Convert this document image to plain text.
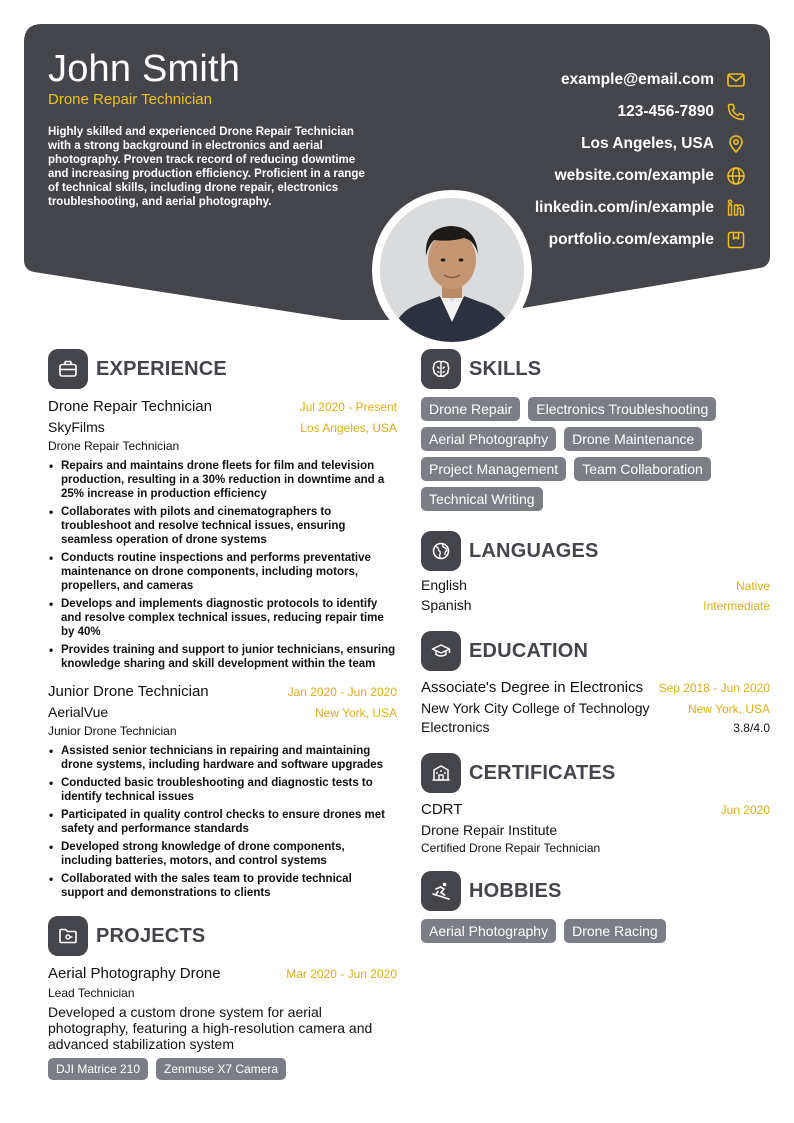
John Smith
Drone Repair Technician
Highly skilled and experienced Drone Repair Technician with a strong background in electronics and aerial photography. Proven track record of reducing downtime and increasing production efficiency. Proficient in a range of technical skills, including drone repair, electronics troubleshooting, and aerial photography.
example@email.com
123-456-7890
Los Angeles, USA
website.com/example
linkedin.com/in/example
portfolio.com/example
EXPERIENCE
Drone Repair Technician	Jul 2020 - Present
SkyFilms	Los Angeles, USA
Drone Repair Technician
• Repairs and maintains drone fleets for film and television production, resulting in a 30% reduction in downtime and a 25% increase in production efficiency
• Collaborates with pilots and cinematographers to troubleshoot and resolve technical issues, ensuring seamless operation of drone systems
• Conducts routine inspections and performs preventative maintenance on drone components, including motors, propellers, and cameras
• Develops and implements diagnostic protocols to identify and resolve complex technical issues, reducing repair time by 40%
• Provides training and support to junior technicians, ensuring knowledge sharing and skill development within the team
Junior Drone Technician	Jan 2020 - Jun 2020
AerialVue	New York, USA
Junior Drone Technician
• Assisted senior technicians in repairing and maintaining drone systems, including hardware and software upgrades
• Conducted basic troubleshooting and diagnostic tests to identify technical issues
• Participated in quality control checks to ensure drones met safety and performance standards
• Developed strong knowledge of drone components, including batteries, motors, and control systems
• Collaborated with the sales team to provide technical support and demonstrations to clients
PROJECTS
Aerial Photography Drone	Mar 2020 - Jun 2020
Lead Technician
Developed a custom drone system for aerial photography, featuring a high-resolution camera and advanced stabilization system
DJI Matrice 210	Zenmuse X7 Camera
SKILLS
Drone Repair	Electronics Troubleshooting
Aerial Photography	Drone Maintenance
Project Management	Team Collaboration
Technical Writing
LANGUAGES
English	Native
Spanish	Intermediate
EDUCATION
Associate's Degree in Electronics Sep 2018 - Jun 2020
New York City College of Technology	New York, USA
Electronics	3.8/4.0
CERTIFICATES
CDRT	Jun 2020
Drone Repair Institute
Certified Drone Repair Technician
HOBBIES
Aerial Photography	Drone Racing
